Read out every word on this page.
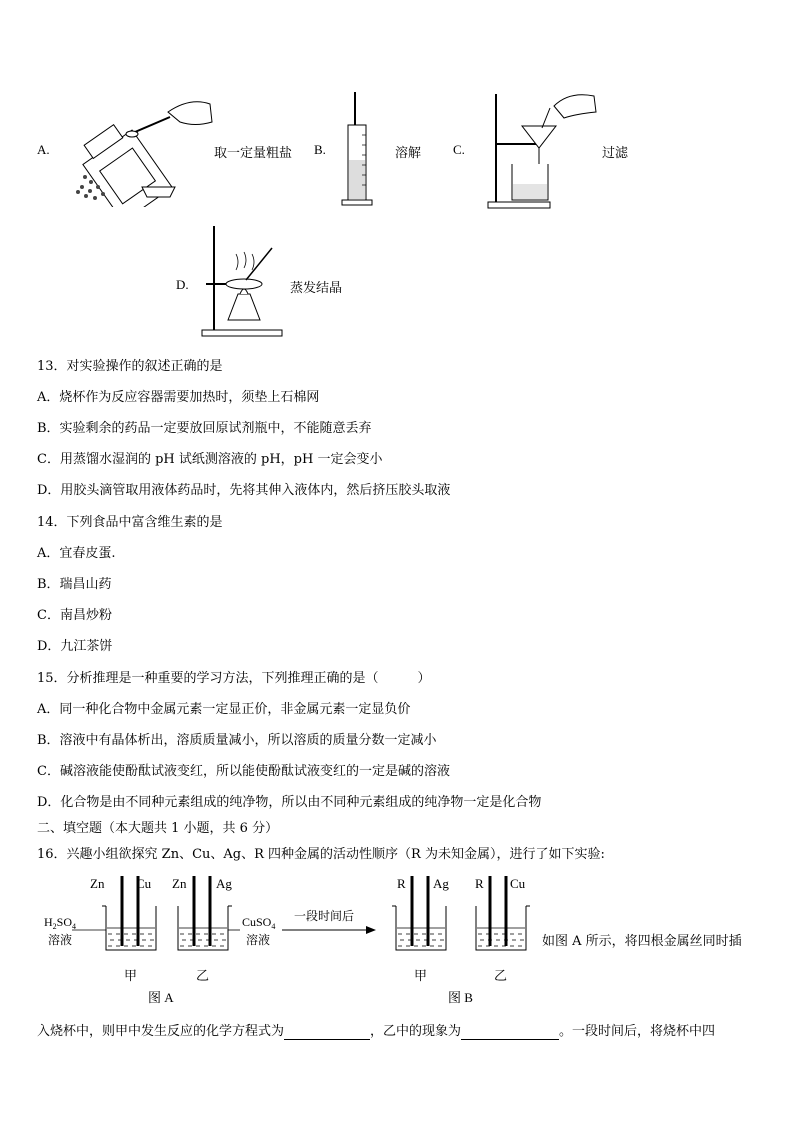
A.	取一定量粗盐 B.	溶解 C.	过滤
D.	蒸发结晶
13．对实验操作的叙述正确的是
A．烧杯作为反应容器需要加热时，须垫上石棉网
B．实验剩余的药品一定要放回原试剂瓶中，不能随意丢弃
C．用蒸馏水湿润的 pH 试纸测溶液的 pH，pH 一定会变小
D．用胶头滴管取用液体药品时，先将其伸入液体内，然后挤压胶头取液
14．下列食品中富含维生素的是
A．宜春皮蛋.
B．瑞昌山药
C．南昌炒粉
D．九江茶饼
15．分析推理是一种重要的学习方法，下列推理正确的是（　　　）
A．同一种化合物中金属元素一定显正价，非金属元素一定显负价
B．溶液中有晶体析出，溶质质量减小，所以溶质的质量分数一定减小
C．碱溶液能使酚酞试液变红，所以能使酚酞试液变红的一定是碱的溶液
D．化合物是由不同种元素组成的纯净物，所以由不同种元素组成的纯净物一定是化合物
二、填空题（本大题共 1 小题，共 6 分）
16．兴趣小组欲探究 Zn、Cu、Ag、R 四种金属的活动性顺序（R 为未知金属），进行了如下实验:
Zn Cu Zn Ag	R Ag R Cu
$H_2SO_4$
溶液
CuSO$_4$
溶液
一段时间后
甲	乙	甲	乙
图 A	图 B
如图 A 所示，将四根金属丝同时插
入烧杯中，则甲中发生反应的化学方程式为	，乙中的现象为	。一段时间后，将烧杯中四
